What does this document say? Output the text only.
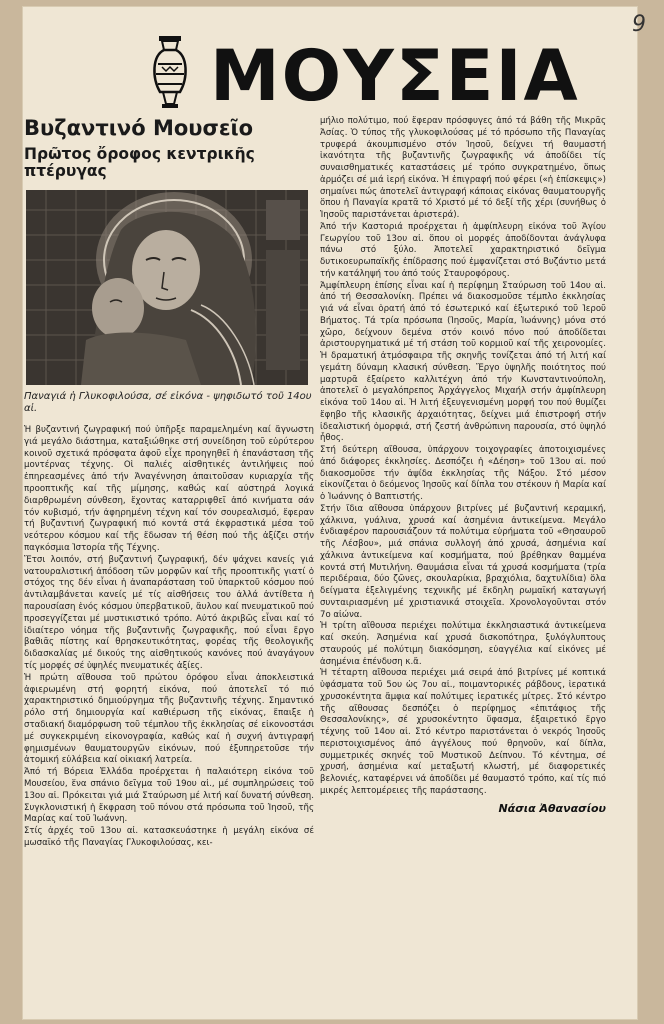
9
ΜΟΥΣΕΙΑ
Βυζαντινό Μουσεῖο
Πρῶτος ὄροφος κεντρικῆς πτέρυγας

Παναγιά ἡ Γλυκοφιλούσα, σέ εἰκόνα - ψηφιδωτό τοῦ 14ου αἰ.

Ἡ βυζαντινή ζωγραφική πού ὑπῆρξε παραμελημένη καί ἄγνωστη γιά μεγάλο διάστημα, καταξιώθηκε στή συνείδηση τοῦ εὐρύτερου κοινοῦ σχετικά πρόσφατα ἀφοῦ εἶχε προηγηθεῖ ἡ ἐπανάσταση τῆς μοντέρνας τέχνης. Οἱ παλιές αἰσθητικές ἀντιλήψεις πού ἐπηρεασμένες ἀπό τήν Ἀναγέννηση ἀπαιτοῦσαν κυριαρχία τῆς προοπτικῆς καί τῆς μίμησης, καθώς καί αὐστηρά λογικά διαρθρωμένη σύνθεση, ἔχοντας καταρριφθεῖ ἀπό κινήματα σάν τόν κυβισμό, τήν ἀφηρημένη τέχνη καί τόν σουρεαλισμό, ἔφεραν τή βυζαντινή ζωγραφική πιό κοντά στά ἐκφραστικά μέσα τοῦ νεότερου κόσμου καί τῆς ἔδωσαν τή θέση πού τῆς ἀξίζει στήν παγκόσμια Ἱστορία τῆς Τέχνης.

Ἔτσι λοιπόν, στή βυζαντινή ζωγραφική, δέν ψάχνει κανείς γιά νατουραλιστική ἀπόδοση τῶν μορφῶν καί τῆς προοπτικῆς γιατί ὁ στόχος της δέν εἶναι ἡ ἀναπαράσταση τοῦ ὑπαρκτοῦ κόσμου πού ἀντιλαμβάνεται κανείς μέ τίς αἰσθήσεις του ἀλλά ἀντίθετα ἡ παρουσίαση ἑνός κόσμου ὑπερβατικοῦ, ἄυλου καί πνευματικοῦ πού προσεγγίζεται μέ μυστικιστικό τρόπο. Αὐτό ἀκριβῶς εἶναι καί τό ἰδιαίτερο νόημα τῆς βυζαντινῆς ζωγραφικῆς, πού εἶναι ἔργο βαθιᾶς πίστης καί θρησκευτικότητας, φορέας τῆς θεολογικῆς διδασκαλίας μέ δικούς της αἰσθητικούς κανόνες πού ἀναγάγουν τίς μορφές σέ ὑψηλές πνευματικές ἀξίες.

Ἡ πρώτη αἴθουσα τοῦ πρώτου ὀρόφου εἶναι ἀποκλειστικά ἀφιερωμένη στή φορητή εἰκόνα, πού ἀποτελεῖ τό πιό χαρακτηριστικό δημιούργημα τῆς βυζαντινῆς τέχνης. Σημαντικό ρόλο στή δημιουργία καί καθιέρωση τῆς εἰκόνας, ἔπαιξε ἡ σταδιακή διαμόρφωση τοῦ τέμπλου τῆς ἐκκλησίας σέ εἰκονοστάσι μέ συγκεκριμένη εἰκονογραφία, καθώς καί ἡ συχνή ἀντιγραφή φημισμένων θαυματουργῶν εἰκόνων, πού ἐξυπηρετοῦσε τήν ἀτομική εὐλάβεια καί οἰκιακή λατρεία.

Ἀπό τή Βόρεια Ἑλλάδα προέρχεται ἡ παλαιότερη εἰκόνα τοῦ Μουσείου, ἕνα σπάνιο δεῖγμα τοῦ 19ου αἰ., μέ συμπληρώσεις τοῦ 13ου αἰ. Πρόκειται γιά μιά Σταύρωση μέ λιτή καί δυνατή σύνθεση. Συγκλονιστική ἡ ἔκφραση τοῦ πόνου στά πρόσωπα τοῦ Ἰησοῦ, τῆς Μαρίας καί τοῦ Ἰωάννη.

Στίς ἀρχές τοῦ 13ου αἰ. κατασκευάστηκε ἡ μεγάλη εἰκόνα σέ μωσαϊκό τῆς Παναγίας Γλυκοφιλούσας, κει-

μήλιο πολύτιμο, πού ἔφεραν πρόσφυγες ἀπό τά βάθη τῆς Μικρᾶς Ἀσίας. Ὁ τύπος τῆς γλυκοφιλούσας μέ τό πρόσωπο τῆς Παναγίας τρυφερά ἀκουμπισμένο στόν Ἰησοῦ, δείχνει τή θαυμαστή ἱκανότητα τῆς βυζαντινῆς ζωγραφικῆς νά ἀποδίδει τίς συναισθηματικές καταστάσεις μέ τρόπο συγκρατημένο, ὅπως ἁρμόζει σέ μιά ἱερή εἰκόνα. Ἡ ἐπιγραφή πού φέρει («ἡ ἐπίσκεψις») σημαίνει πώς ἀποτελεῖ ἀντιγραφή κάποιας εἰκόνας θαυματουργῆς ὅπου ἡ Παναγία κρατᾶ τό Χριστό μέ τό δεξί τῆς χέρι (συνήθως ὁ Ἰησοῦς παριστάνεται ἀριστερά).

Ἀπό τήν Καστοριά προέρχεται ἡ ἀμφίπλευρη εἰκόνα τοῦ Ἁγίου Γεωργίου τοῦ 13ου αἰ. ὅπου οἱ μορφές ἀποδίδονται ἀνάγλυφα πάνω στό ξύλο. Ἀποτελεῖ χαρακτηριστικό δεῖγμα δυτικοευρωπαϊκῆς ἐπίδρασης πού ἐμφανίζεται στό Βυζάντιο μετά τήν κατάληψή του ἀπό τούς Σταυροφόρους.

Ἀμφίπλευρη ἐπίσης εἶναι καί ἡ περίφημη Σταύρωση τοῦ 14ου αἰ. ἀπό τή Θεσσαλονίκη. Πρέπει νά διακοσμοῦσε τέμπλο ἐκκλησίας γιά νά εἶναι ὁρατή ἀπό τό ἐσωτερικό καί ἐξωτερικό τοῦ Ἱεροῦ Βήματος. Τά τρία πρόσωπα (Ἰησοῦς, Μαρία, Ἰωάννης) μόνα στό χῶρο, δείχνουν δεμένα στόν κοινό πόνο πού ἀποδίδεται ἀριστουργηματικά μέ τή στάση τοῦ κορμιοῦ καί τῆς χειρονομίες. Ἡ δραματική ἀτμόσφαιρα τῆς σκηνῆς τονίζεται ἀπό τή λιτή καί γεμάτη δύναμη κλασική σύνθεση. Ἔργο ὑψηλῆς ποιότητος πού μαρτυρᾶ ἐξαίρετο καλλιτέχνη ἀπό τήν Κωνσταντινούπολη, ἀποτελεῖ ὁ μεγαλόπρεπος Ἀρχάγγελος Μιχαήλ στήν ἀμφίπλευρη εἰκόνα τοῦ 14ου αἰ. Ἡ λιτή ἐξευγενισμένη μορφή του πού θυμίζει ἔφηβο τῆς κλασικῆς ἀρχαιότητας, δείχνει μιά ἐπιστροφή στήν ἰδεαλιστική ὁμορφιά, στή ζεστή ἀνθρώπινη παρουσία, στό ὑψηλό ἦθος.

Στή δεύτερη αἴθουσα, ὑπάρχουν τοιχογραφίες ἀποτοιχισμένες ἀπό διάφορες ἐκκλησίες. Δεσπόζει ἡ «Δέηση» τοῦ 13ου αἰ. πού διακοσμοῦσε τήν ἀψίδα ἐκκλησίας τῆς Νάξου. Στό μέσον εἰκονίζεται ὁ δεόμενος Ἰησοῦς καί δίπλα του στέκουν ἡ Μαρία καί ὁ Ἰωάννης ὁ Βαπτιστής.

Στήν ἴδια αἴθουσα ὑπάρχουν βιτρίνες μέ βυζαντινή κεραμική, χάλκινα, γυάλινα, χρυσά καί ἀσημένια ἀντικείμενα. Μεγάλο ἐνδιαφέρον παρουσιάζουν τά πολύτιμα εὑρήματα τοῦ «Θησαυροῦ τῆς Λέσβου», μιά σπάνια συλλογή ἀπό χρυσά, ἀσημένια καί χάλκινα ἀντικείμενα καί κοσμήματα, πού βρέθηκαν θαμμένα κοντά στή Μυτιλήνη. Θαυμάσια εἶναι τά χρυσά κοσμήματα (τρία περιδέραια, δύο ζῶνες, σκουλαρίκια, βραχιόλια, δαχτυλίδια) ὅλα δείγματα ἐξελιγμένης τεχνικῆς μέ ἔκδηλη ρωμαϊκή καταγωγή συνταιριασμένη μέ χριστιανικά στοιχεῖα. Χρονολογοῦνται στόν 7ο αἰώνα.

Ἡ τρίτη αἴθουσα περιέχει πολύτιμα ἐκκλησιαστικά ἀντικείμενα καί σκεύη. Ἀσημένια καί χρυσά δισκοπότηρα, ξυλόγλυπτους σταυρούς μέ πολύτιμη διακόσμηση, εὐαγγέλια καί εἰκόνες μέ ἀσημένια ἐπένδυση κ.ἄ.

Ἡ τέταρτη αἴθουσα περιέχει μιά σειρά ἀπό βιτρίνες μέ κοπτικά ὑφάσματα τοῦ 5ου ὡς 7ου αἰ., ποιμαντορικές ράβδους, ἱερατικά χρυσοκέντητα ἄμφια καί πολύτιμες ἱερατικές μίτρες. Στό κέντρο τῆς αἴθουσας δεσπόζει ὁ περίφημος «ἐπιτάφιος τῆς Θεσσαλονίκης», σέ χρυσοκέντητο ὕφασμα, ἐξαιρετικό ἔργο τέχνης τοῦ 14ου αἰ. Στό κέντρο παριστάνεται ὁ νεκρός Ἰησοῦς περιστοιχισμένος ἀπό ἀγγέλους πού θρηνοῦν, καί δίπλα, συμμετρικές σκηνές τοῦ Μυστικοῦ Δείπνου. Τό κέντημα, σέ χρυσή, ἀσημένια καί μεταξωτή κλωστή, μέ διαφορετικές βελονιές, καταφέρνει νά ἀποδίδει μέ θαυμαστό τρόπο, καί τίς πιό μικρές λεπτομέρειες τῆς παράστασης.

Νάσια Ἀθανασίου
